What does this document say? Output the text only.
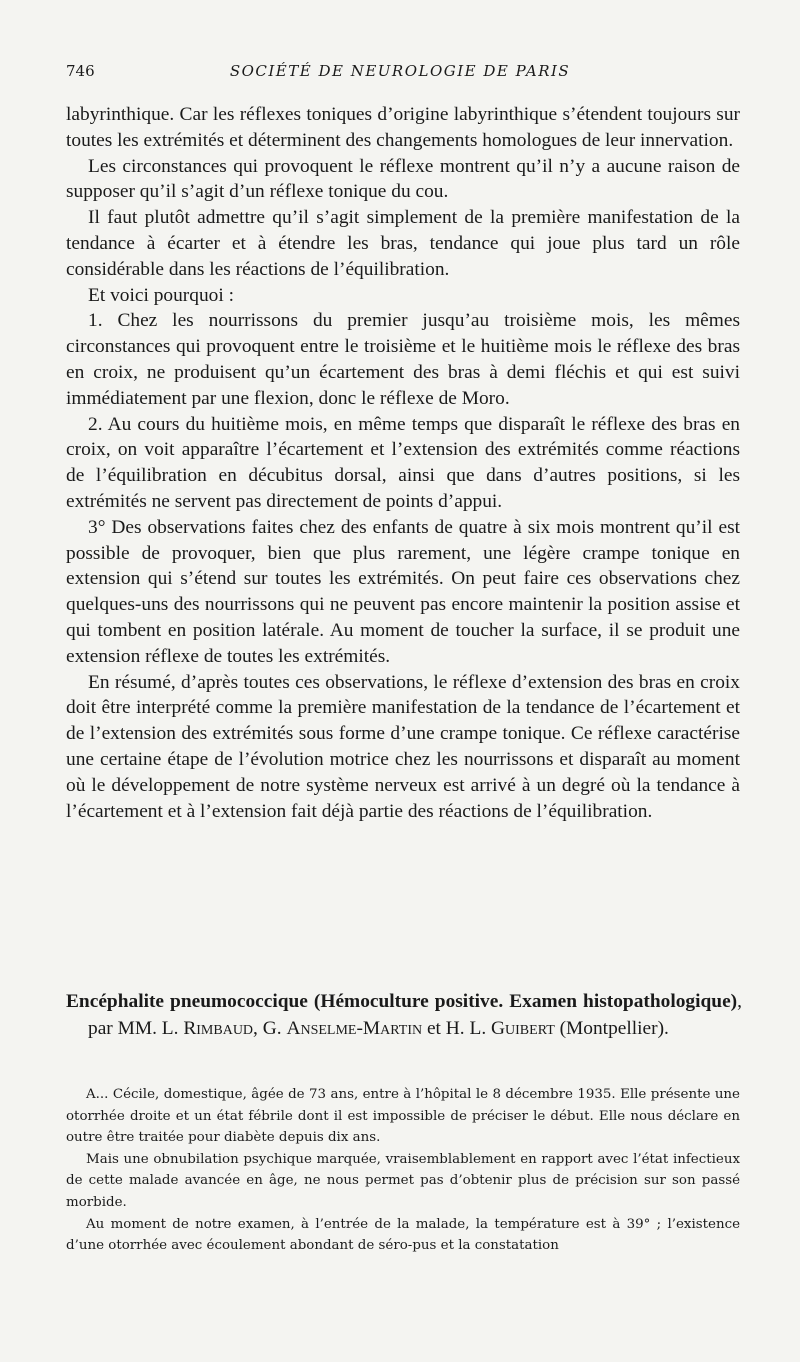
746	SOCIÉTÉ DE NEUROLOGIE DE PARIS

labyrinthique. Car les réflexes toniques d’origine labyrinthique s’étendent toujours sur toutes les extrémités et déterminent des changements homologues de leur innervation.

Les circonstances qui provoquent le réflexe montrent qu’il n’y a aucune raison de supposer qu’il s’agit d’un réflexe tonique du cou.

Il faut plutôt admettre qu’il s’agit simplement de la première manifestation de la tendance à écarter et à étendre les bras, tendance qui joue plus tard un rôle considérable dans les réactions de l’équilibration.

Et voici pourquoi :

1. Chez les nourrissons du premier jusqu’au troisième mois, les mêmes circonstances qui provoquent entre le troisième et le huitième mois le réflexe des bras en croix, ne produisent qu’un écartement des bras à demi fléchis et qui est suivi immédiatement par une flexion, donc le réflexe de Moro.

2. Au cours du huitième mois, en même temps que disparaît le réflexe des bras en croix, on voit apparaître l’écartement et l’extension des extrémités comme réactions de l’équilibration en décubitus dorsal, ainsi que dans d’autres positions, si les extrémités ne servent pas directement de points d’appui.

3° Des observations faites chez des enfants de quatre à six mois montrent qu’il est possible de provoquer, bien que plus rarement, une légère crampe tonique en extension qui s’étend sur toutes les extrémités. On peut faire ces observations chez quelques-uns des nourrissons qui ne peuvent pas encore maintenir la position assise et qui tombent en position latérale. Au moment de toucher la surface, il se produit une extension réflexe de toutes les extrémités.

En résumé, d’après toutes ces observations, le réflexe d’extension des bras en croix doit être interprété comme la première manifestation de la tendance de l’écartement et de l’extension des extrémités sous forme d’une crampe tonique. Ce réflexe caractérise une certaine étape de l’évolution motrice chez les nourrissons et disparaît au moment où le développement de notre système nerveux est arrivé à un degré où la tendance à l’écartement et à l’extension fait déjà partie des réactions de l’équilibration.

Encéphalite pneumococcique (Hémoculture positive. Examen histopathologique), par MM. L. Rimbaud, G. Anselme-Martin et H. L. Guibert (Montpellier).

A... Cécile, domestique, âgée de 73 ans, entre à l’hôpital le 8 décembre 1935. Elle présente une otorrhée droite et un état fébrile dont il est impossible de préciser le début. Elle nous déclare en outre être traitée pour diabète depuis dix ans.

Mais une obnubilation psychique marquée, vraisemblablement en rapport avec l’état infectieux de cette malade avancée en âge, ne nous permet pas d’obtenir plus de précision sur son passé morbide.

Au moment de notre examen, à l’entrée de la malade, la température est à 39° ; l’existence d’une otorrhée avec écoulement abondant de séro-pus et la constatation
